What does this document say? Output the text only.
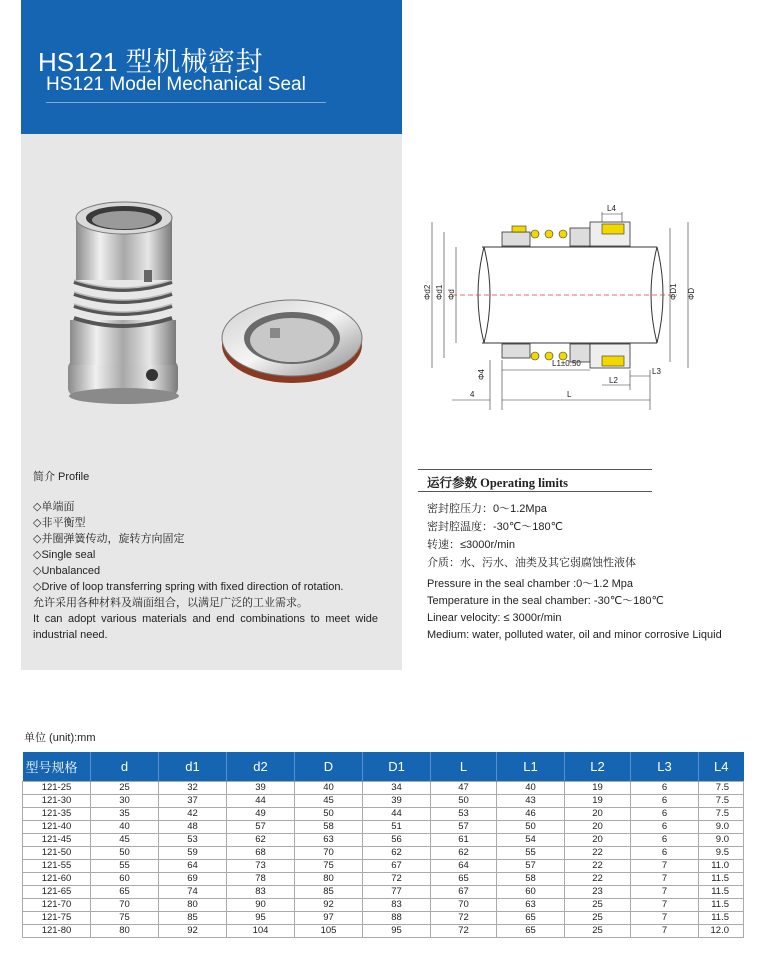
HS121 型机械密封
HS121 Model Mechanical Seal
简介 Profile
◇单端面
◇非平衡型
◇并圈弹簧传动，旋转方向固定
◇Single seal
◇Unbalanced
◇Drive of loop transferring spring with fixed direction of rotation.
允许采用各种材料及端面组合，以满足广泛的工业需求。
It can adopt various materials and end combinations to meet wide industrial need.
Φd2 Φd1 Φd	ΦD1 ΦD
L4
L1±0.50
L2
L3
L
Φ4
4
运行参数 Operating limits
密封腔压力：0～1.2Mpa
密封腔温度：-30℃～180℃
转速：≤3000r/min
介质：水、污水、油类及其它弱腐蚀性液体
Pressure in the seal chamber :0～1.2 Mpa
Temperature in the seal chamber: -30℃～180℃
Linear velocity: ≤ 3000r/min
Medium: water, polluted water, oil and minor corrosive Liquid
单位 (unit):mm
型号规格	d	d1	d2	D	D1	L	L1	L2	L3	L4
121-25	25	32	39	40	34	47	40	19	6	7.5
121-30	30	37	44	45	39	50	43	19	6	7.5
121-35	35	42	49	50	44	53	46	20	6	7.5
121-40	40	48	57	58	51	57	50	20	6	9.0
121-45	45	53	62	63	56	61	54	20	6	9.0
121-50	50	59	68	70	62	62	55	22	6	9.5
121-55	55	64	73	75	67	64	57	22	7	11.0
121-60	60	69	78	80	72	65	58	22	7	11.5
121-65	65	74	83	85	77	67	60	23	7	11.5
121-70	70	80	90	92	83	70	63	25	7	11.5
121-75	75	85	95	97	88	72	65	25	7	11.5
121-80	80	92	104	105	95	72	65	25	7	12.0
